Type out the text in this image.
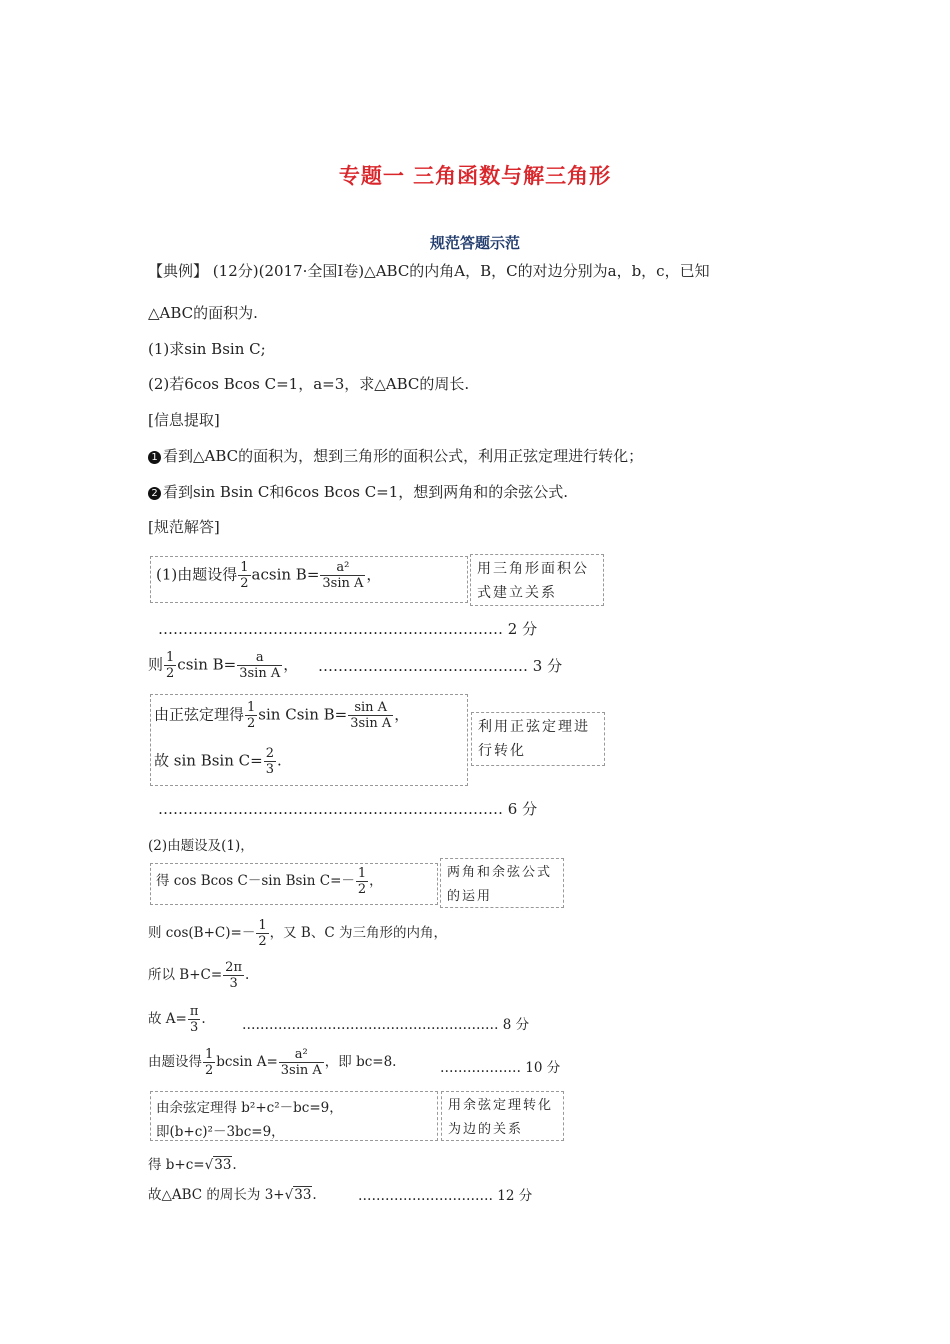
专题一 三角函数与解三角形
规范答题示范
【典例】 (12分)(2017·全国Ⅰ卷)△ABC的内角A，B，C的对边分别为a，b，c，已知
△ABC的面积为.
(1)求sin Bsin C;
(2)若6cos Bcos C=1，a=3，求△ABC的周长.
[信息提取]
1 看到△ABC的面积为，想到三角形的面积公式，利用正弦定理进行转化；
2 看到sin Bsin C和6cos Bcos C=1，想到两角和的余弦公式.
[规范解答]
(1)由题设得 $\frac{1}{2}$ acsin $B= \frac{\text{a²}}{\text{3sin A}}$ ，	用三角形面积公式建立关系
…………………………………………………………… 2 分
则 $\frac{1}{2}$ csin $B= \frac{a}{\text{3sin A}}$ ， …………………………………… 3 分
由正弦定理得 $\frac{1}{2}$ sin Csin $B= \frac{\text{sin A}}{\text{3sin A}}$ ，
故 sin Bsin $C= \frac{2}{3}$ .
利用正弦定理进行转化
…………………………………………………………… 6 分
(2)由题设及(1)，
得 cos Bcos C－sin Bsin $C=- \frac{1}{2}$ ，
两角和余弦公式的运用
则 $\cos(B+C)=- \frac{1}{2}$ ，又 B、C 为三角形的内角，
所以 $B+C= \frac{2\pi}{3}$ .
故 $A= \frac{\pi}{3}$ .	………………………………………………… 8 分
由题设得 $\frac{1}{2}$ bcsin $A= \frac{\text{a²}}{\text{3sin A}}$ ，即 bc=8.	……………… 10 分
由余弦定理得 b²+c²－bc=9，
即(b+c)²－3bc=9，
用余弦定理转化为边的关系
得 b+c=√33.
故△ABC 的周长为 3+√33.	………………………… 12 分
